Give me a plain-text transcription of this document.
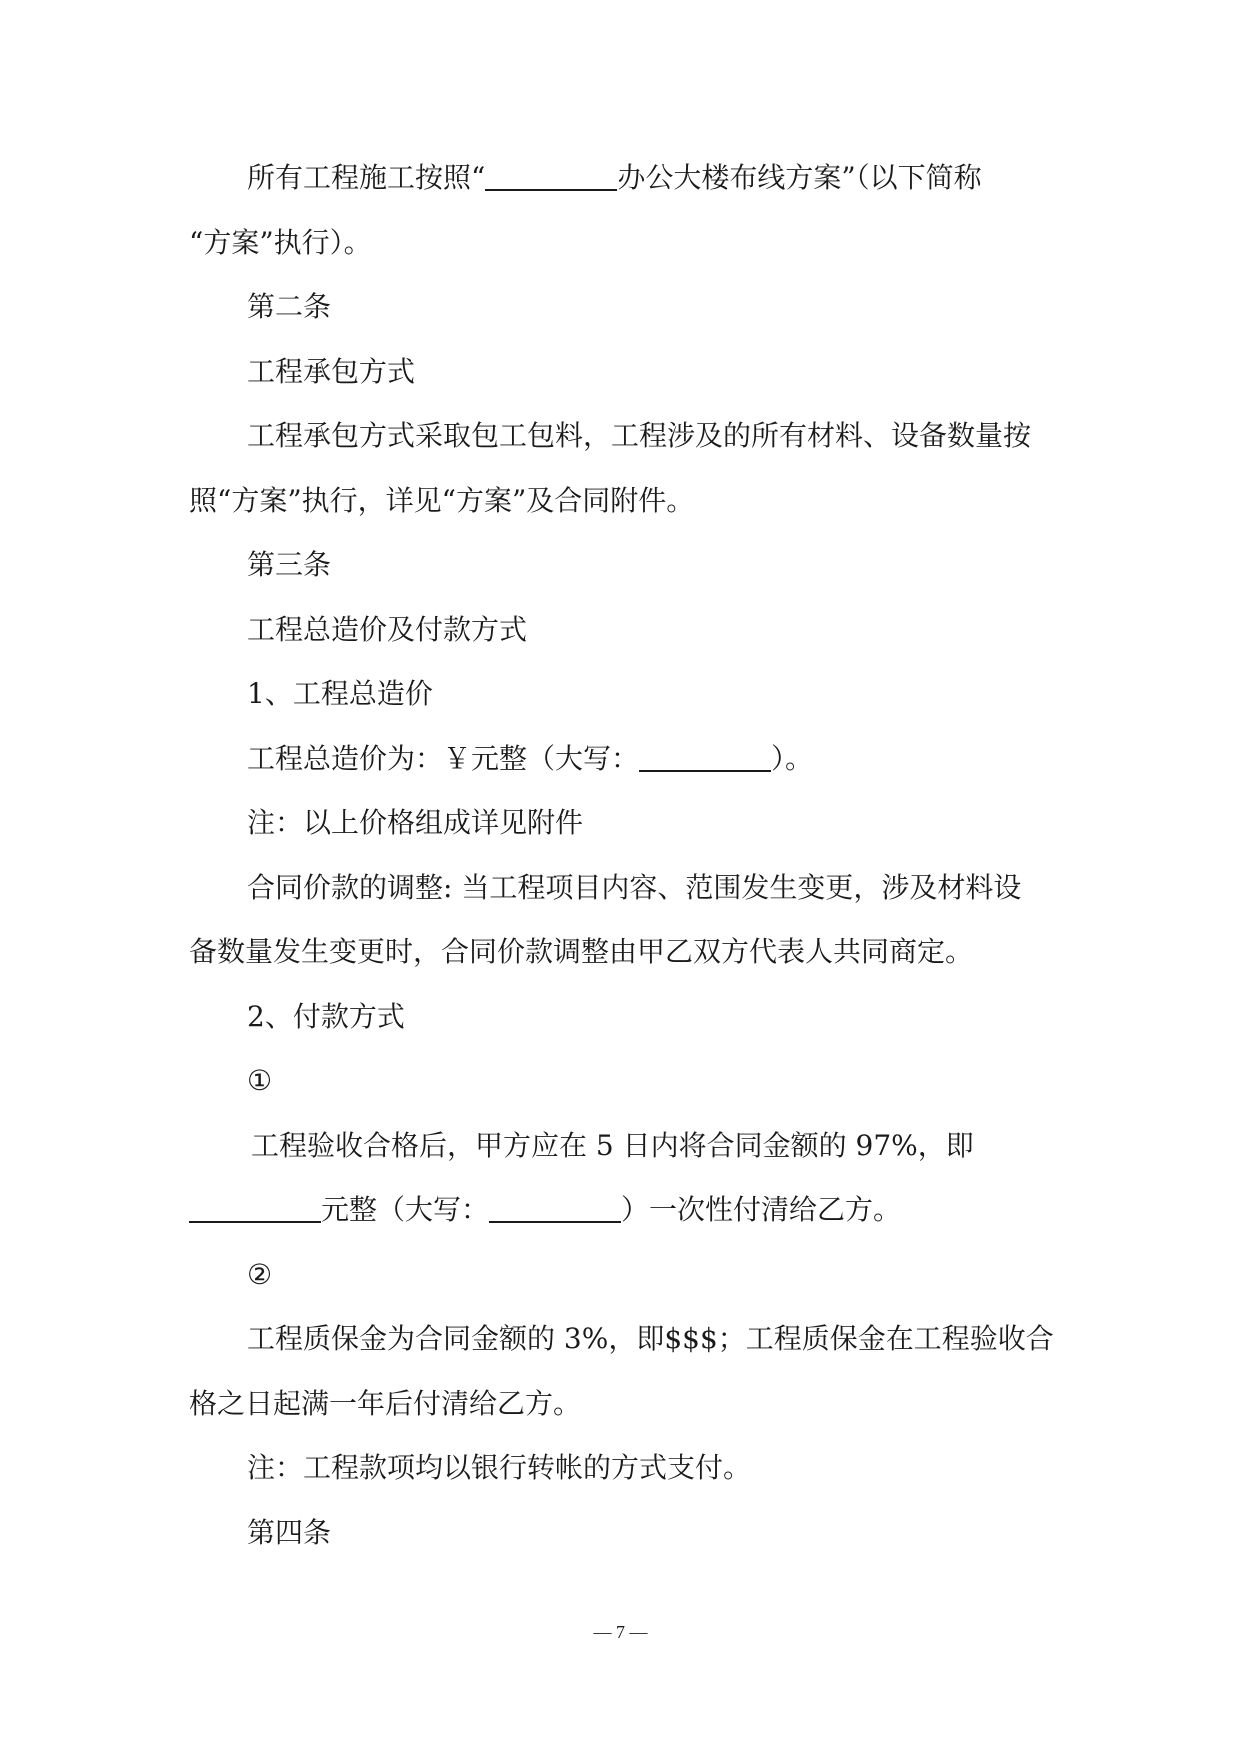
所有工程施工按照“	办公大楼布线方案”（以下简称

“方案”执行）。

第二条

工程承包方式

工程承包方式采取包工包料，工程涉及的所有材料、设备数量按

照“方案”执行，详见“方案”及合同附件。

第三条

工程总造价及付款方式

1、工程总造价

工程总造价为：￥元整（大写：	）。

注：以上价格组成详见附件

合同价款的调整: 当工程项目内容、范围发生变更，涉及材料设

备数量发生变更时，合同价款调整由甲乙双方代表人共同商定。

2、付款方式

①

工程验收合格后，甲方应在 5 日内将合同金额的 97%，即

元整（大写：	）一次性付清给乙方。

②

工程质保金为合同金额的 3%，即$$$；工程质保金在工程验收合

格之日起满一年后付清给乙方。

注：工程款项均以银行转帐的方式支付。

第四条

— 7 —
